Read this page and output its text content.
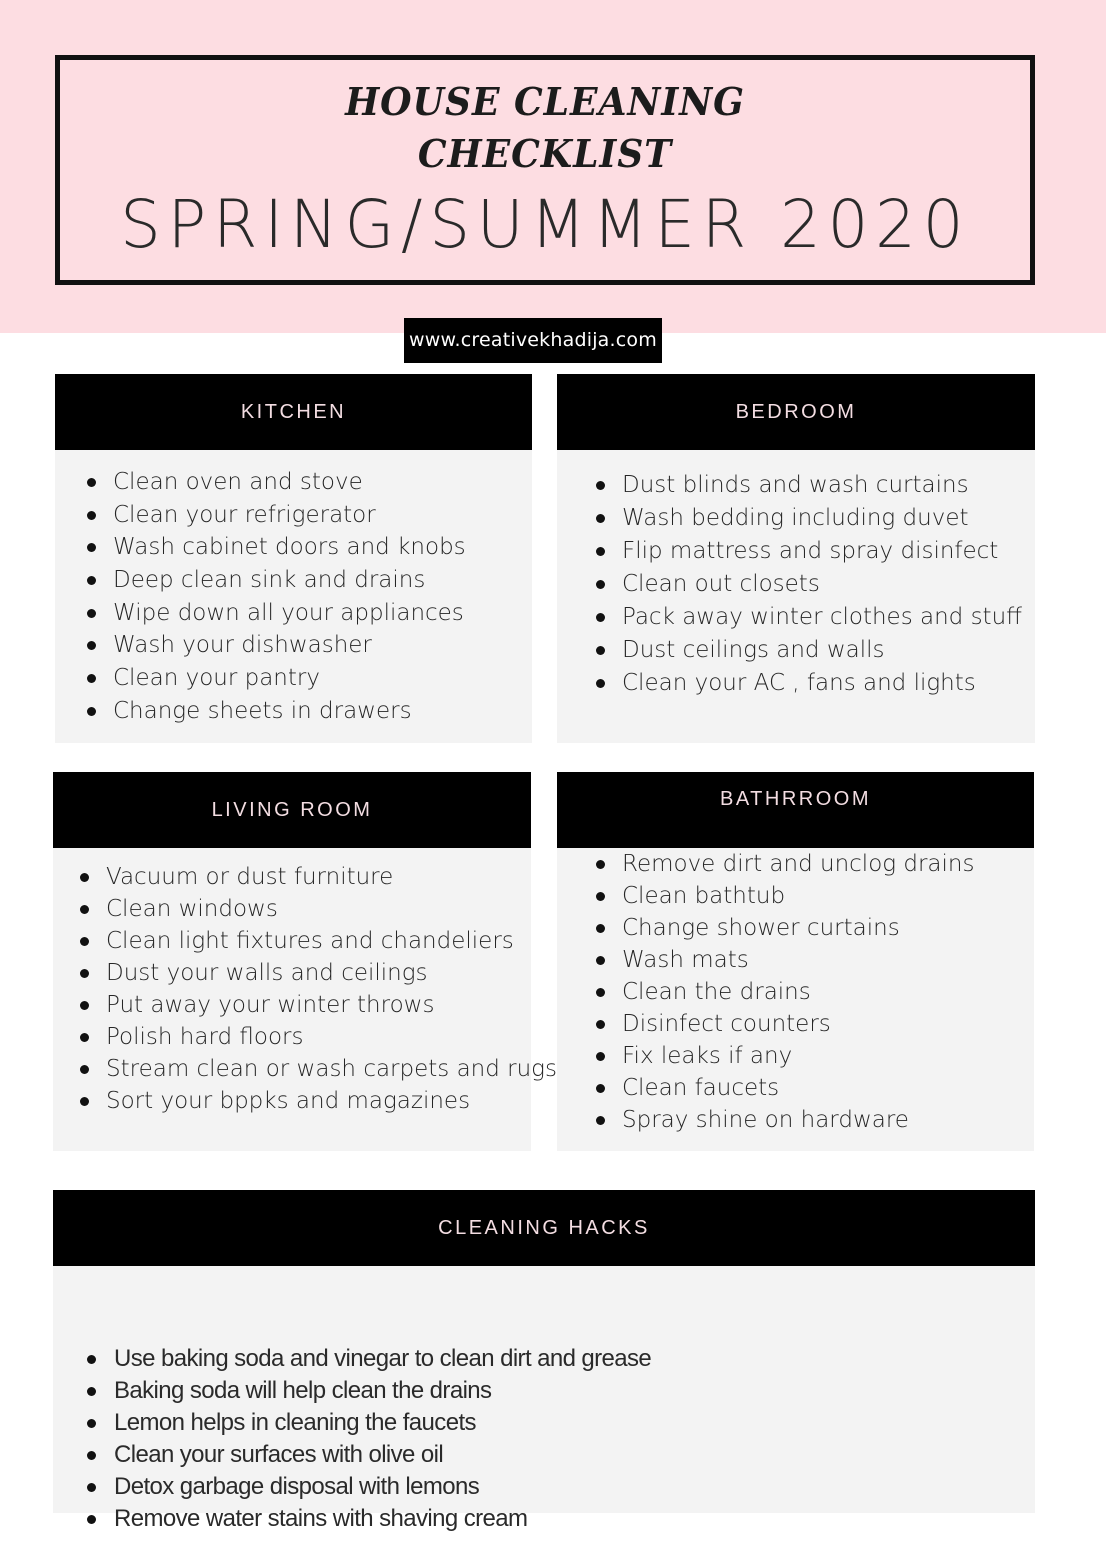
HOUSE CLEANING
CHECKLIST
SPRING/SUMMER 2020
www.creativekhadija.com
KITCHEN
Clean oven and stove
Clean your refrigerator
Wash cabinet doors and knobs
Deep clean sink and drains
Wipe down all your appliances
Wash your dishwasher
Clean your pantry
Change sheets in drawers
BEDROOM
Dust blinds and wash curtains
Wash bedding including duvet
Flip mattress and spray disinfect
Clean out closets
Pack away winter clothes and stuff
Dust ceilings and walls
Clean your AC , fans and lights
LIVING ROOM
Vacuum or dust furniture
Clean windows
Clean light fixtures and chandeliers
Dust your walls and ceilings
Put away your winter throws
Polish hard floors
Stream clean or wash carpets and rugs
Sort your bppks and magazines
BATHRROOM
Remove dirt and unclog drains
Clean bathtub
Change shower curtains
Wash mats
Clean the drains
Disinfect counters
Fix leaks if any
Clean faucets
Spray shine on hardware
CLEANING HACKS
Use baking soda and vinegar to clean dirt and grease
Baking soda will help clean the drains
Lemon helps in cleaning the faucets
Clean your surfaces with olive oil
Detox garbage disposal with lemons
Remove water stains with shaving cream
